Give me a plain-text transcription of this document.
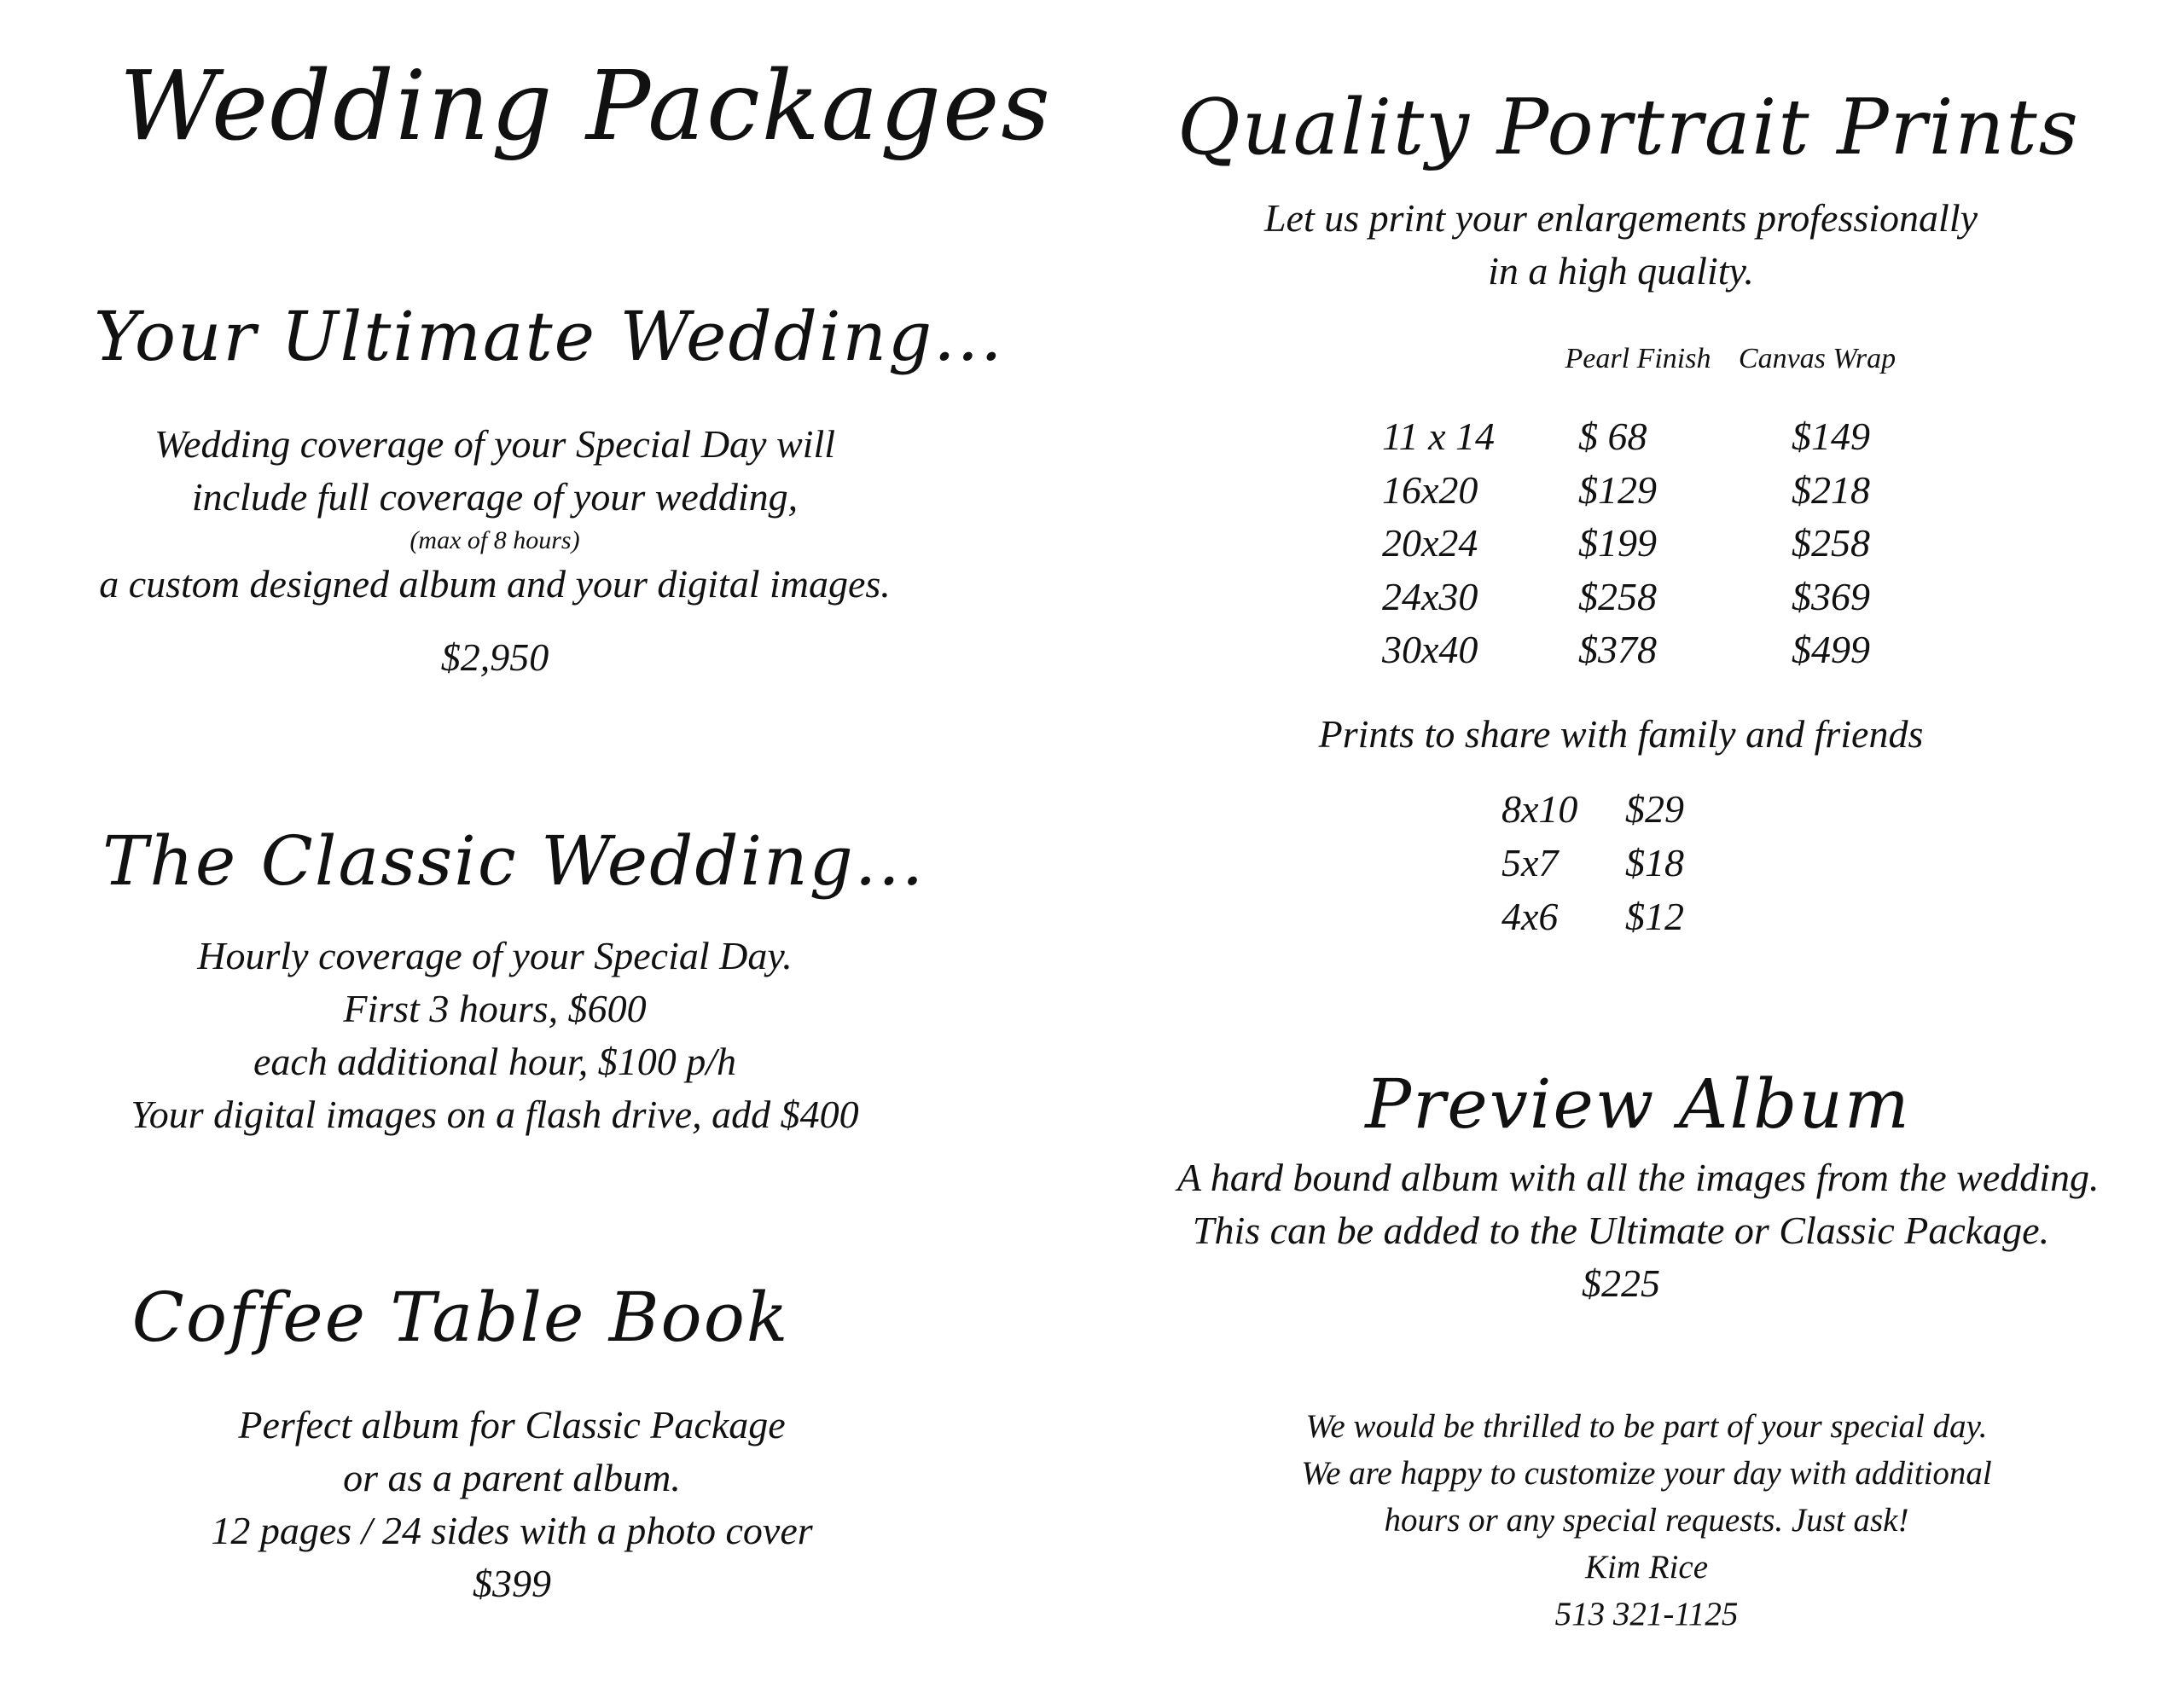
Wedding Packages
Your Ultimate Wedding...
Wedding coverage of your Special Day will
include full coverage of your wedding,
(max of 8 hours)
a custom designed album and your digital images.
$2,950
The Classic Wedding...
Hourly coverage of your Special Day.
First 3 hours, $600
each additional hour, $100 p/h
Your digital images on a flash drive, add $400
Coffee Table Book
Perfect album for Classic Package
or as a parent album.
12 pages / 24 sides with a photo cover
$399
Quality Portrait Prints
Let us print your enlargements professionally
in a high quality.
Pearl Finish Canvas Wrap
11 x 14 $ 68	$149
16x20	$129	$218
20x24	$199	$258
24x30	$258	$369
30x40	$378	$499
Prints to share with family and friends
8x10 $29
5x7 $18
4x6 $12
Preview Album
A hard bound album with all the images from the wedding.
This can be added to the Ultimate or Classic Package.
$225
We would be thrilled to be part of your special day.
We are happy to customize your day with additional
hours or any special requests. Just ask!
Kim Rice
513 321-1125
